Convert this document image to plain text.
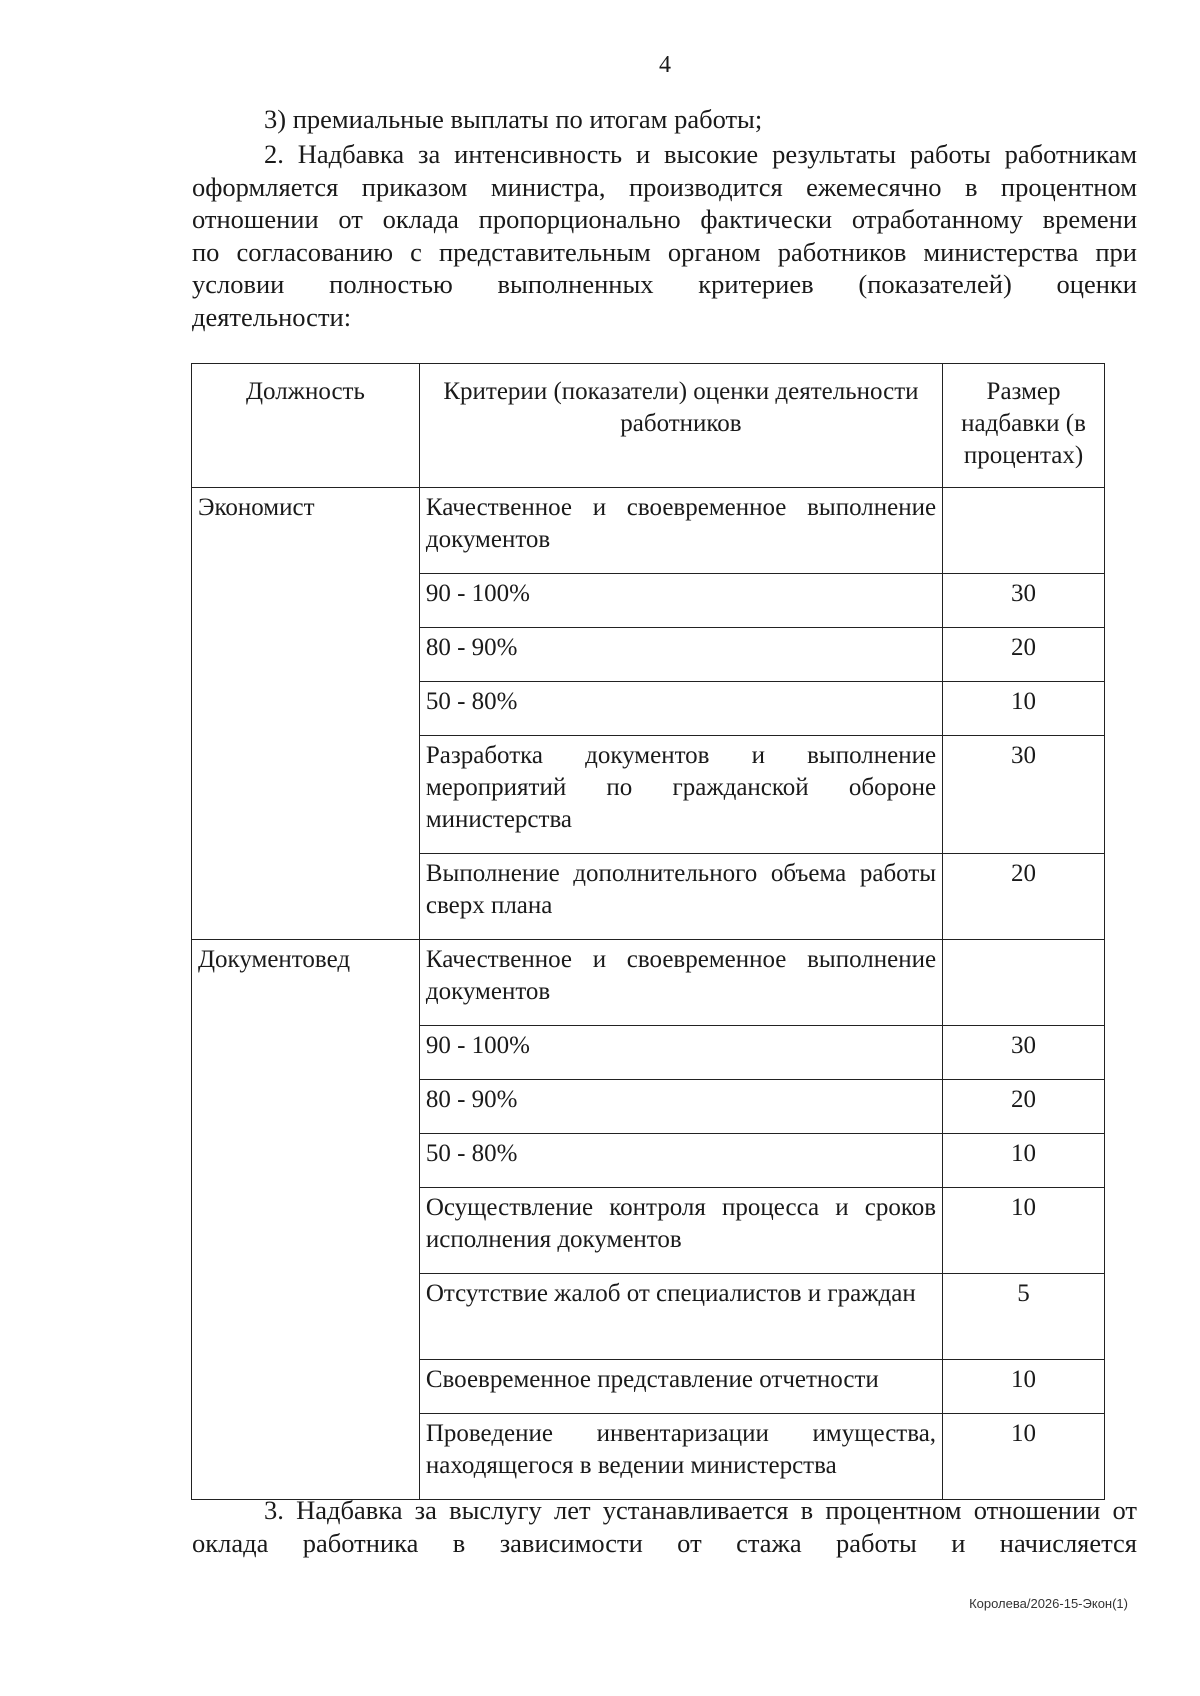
4
3) премиальные выплаты по итогам работы;
2. Надбавка за интенсивность и высокие результаты работы работникам
оформляется приказом министра, производится ежемесячно в процентном
отношении от оклада пропорционально фактически отработанному времени
по согласованию с представительным органом работников министерства при
условии полностью выполненных критериев (показателей) оценки
деятельности:
Должность	Критерии (показатели) оценки деятельности работников	Размер надбавки (в процентах)
Экономист	Качественное и своевременное выполнение документов	
	90 - 100%	30
	80 - 90%	20
	50 - 80%	10
	Разработка документов и выполнение мероприятий по гражданской обороне министерства	30
	Выполнение дополнительного объема работы сверх плана	20
Документовед	Качественное и своевременное выполнение документов	
	90 - 100%	30
	80 - 90%	20
	50 - 80%	10
	Осуществление контроля процесса и сроков исполнения документов	10
	Отсутствие жалоб от специалистов и граждан	5
	Своевременное представление отчетности	10
	Проведение инвентаризации имущества, находящегося в ведении министерства	10
3. Надбавка за выслугу лет устанавливается в процентном отношении от
оклада работника в зависимости от стажа работы и начисляется
Королева/2026-15-Экон(1)
